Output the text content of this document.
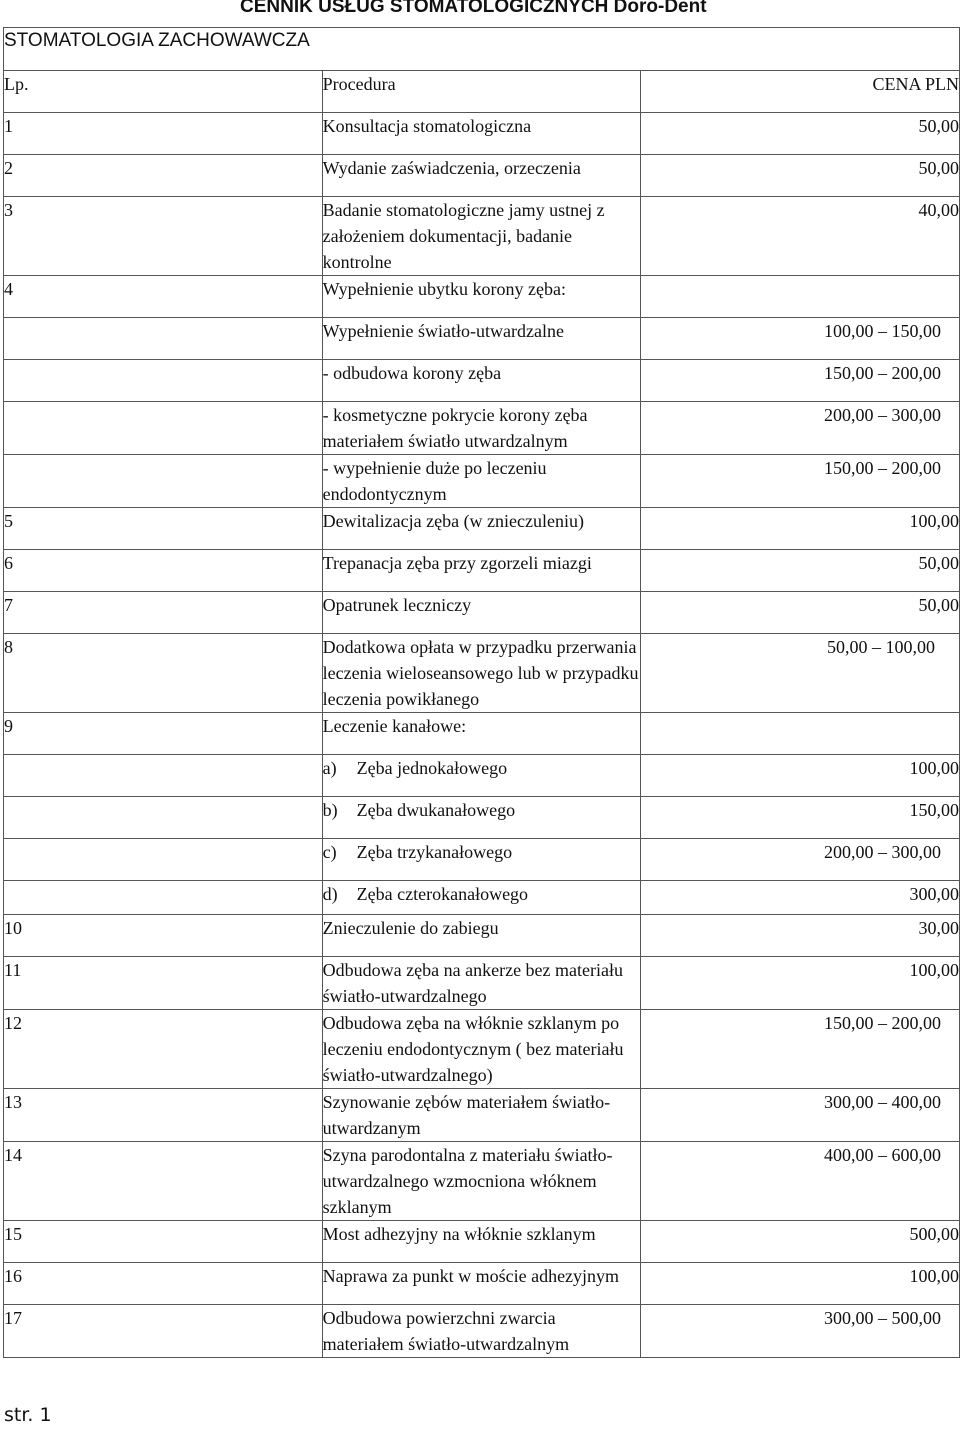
CENNIK USŁUG STOMATOLOGICZNYCH Doro-Dent
STOMATOLOGIA ZACHOWAWCZA		
Lp.	Procedura	CENA PLN
1	Konsultacja stomatologiczna	50,00
2	Wydanie zaświadczenia, orzeczenia	50,00
3	Badanie stomatologiczne jamy ustnej z założeniem dokumentacji, badanie kontrolne	40,00
4	Wypełnienie ubytku korony zęba:	
	Wypełnienie światło-utwardzalne	100,00 – 150,00
	- odbudowa korony zęba	150,00 – 200,00
	- kosmetyczne pokrycie korony zęba materiałem światło utwardzalnym	200,00 – 300,00
	- wypełnienie duże po leczeniu endodontycznym	150,00 – 200,00
5	Dewitalizacja zęba (w znieczuleniu)	100,00
6	Trepanacja zęba przy zgorzeli miazgi	50,00
7	Opatrunek leczniczy	50,00
8	Dodatkowa opłata w przypadku przerwania leczenia wieloseansowego lub w przypadku leczenia powikłanego	50,00 – 100,00
9	Leczenie kanałowe:	
	a) Zęba jednokałowego	100,00
	b) Zęba dwukanałowego	150,00
	c) Zęba trzykanałowego	200,00 – 300,00
	d) Zęba czterokanałowego	300,00
10	Znieczulenie do zabiegu	30,00
11	Odbudowa zęba na ankerze bez materiału światło-utwardzalnego	100,00
12	Odbudowa zęba na włóknie szklanym po leczeniu endodontycznym ( bez materiału światło-utwardzalnego)	150,00 – 200,00
13	Szynowanie zębów materiałem światło-utwardzanym	300,00 – 400,00
14	Szyna parodontalna z materiału światło-utwardzalnego wzmocniona włóknem szklanym	400,00 – 600,00
15	Most adhezyjny na włóknie szklanym	500,00
16	Naprawa za punkt w moście adhezyjnym	100,00
17	Odbudowa powierzchni zwarcia materiałem światło-utwardzalnym	300,00 – 500,00
str. 1
